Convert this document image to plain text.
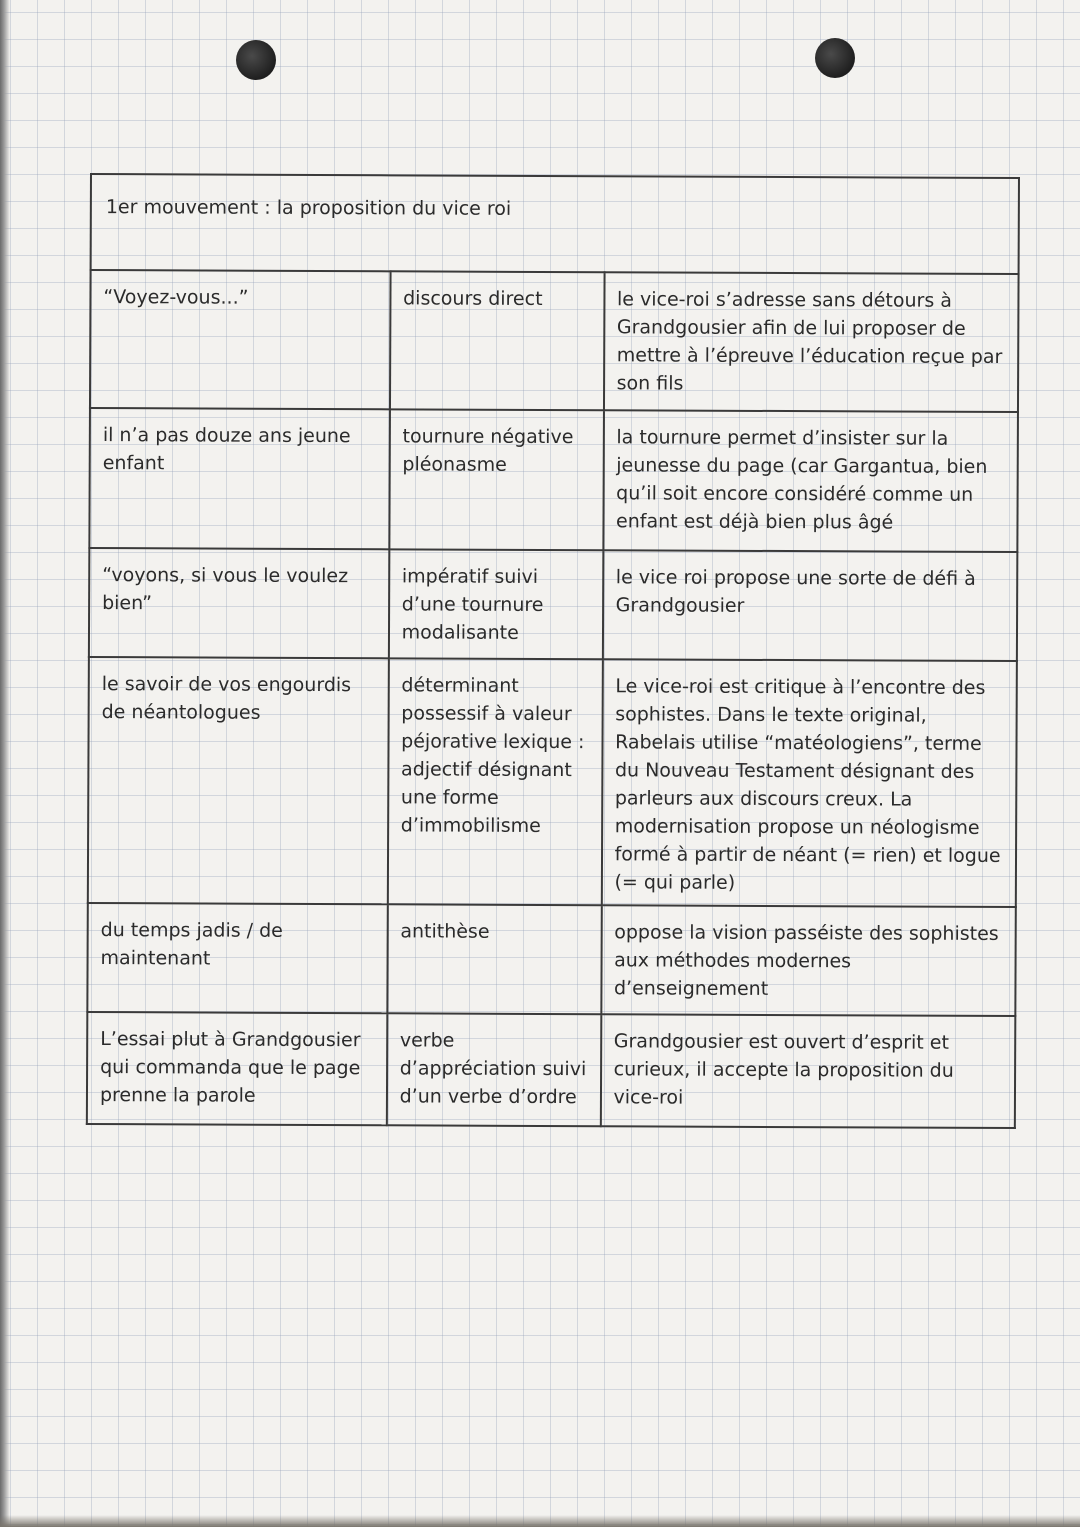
1er mouvement : la proposition du vice roi		
“Voyez-vous...”	discours direct	le vice-roi s’adresse sans détours à Grandgousier afin de lui proposer de mettre à l’épreuve l’éducation reçue par son fils
il n’a pas douze ans jeune enfant	tournure négative pléonasme	la tournure permet d’insister sur la jeunesse du page (car Gargantua, bien qu’il soit encore considéré comme un enfant est déjà bien plus âgé
“voyons, si vous le voulez bien”	impératif suivi d’une tournure modalisante	le vice roi propose une sorte de défi à Grandgousier
le savoir de vos engourdis de néantologues	déterminant possessif à valeur péjorative lexique : adjectif désignant une forme d’immobilisme	Le vice-roi est critique à l’encontre des sophistes. Dans le texte original, Rabelais utilise “matéologiens”, terme du Nouveau Testament désignant des parleurs aux discours creux. La modernisation propose un néologisme formé à partir de néant (= rien) et logue (= qui parle)
du temps jadis / de maintenant	antithèse	oppose la vision passéiste des sophistes aux méthodes modernes d’enseignement
L’essai plut à Grandgousier qui commanda que le page prenne la parole	verbe d’appréciation suivi d’un verbe d’ordre	Grandgousier est ouvert d’esprit et curieux, il accepte la proposition du vice-roi
